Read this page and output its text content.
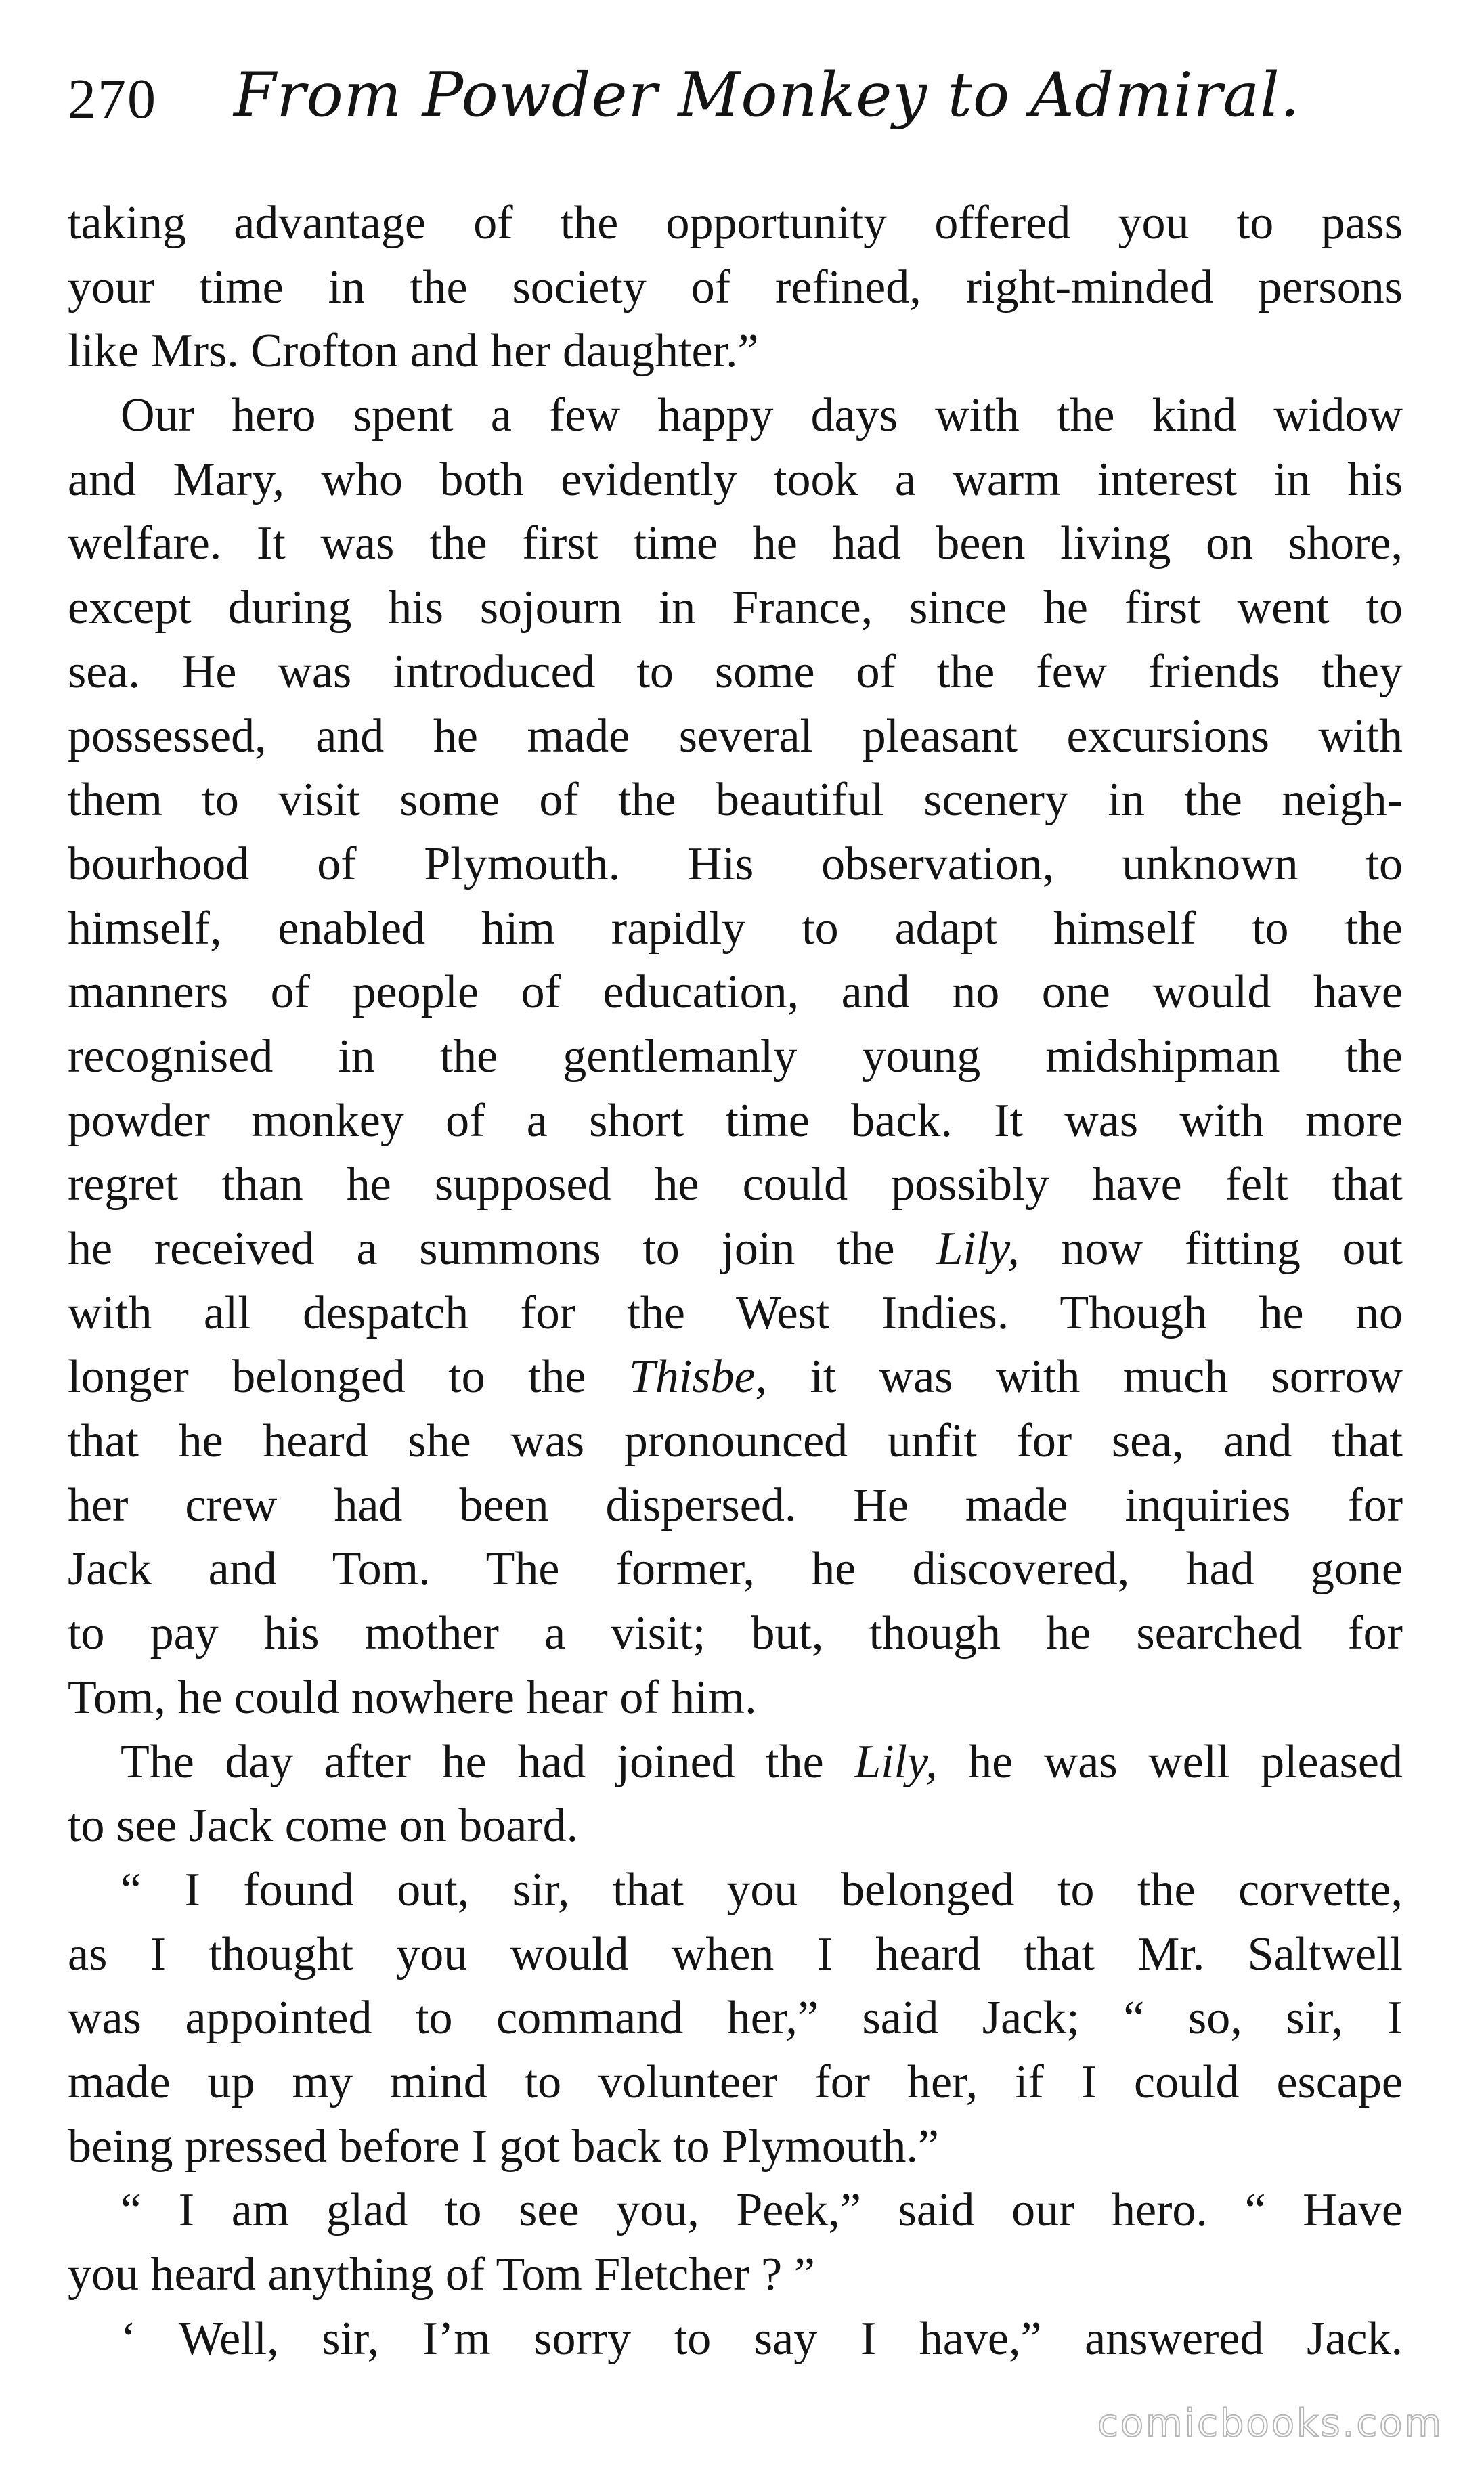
270 From Powder Monkey to Admiral.
taking advantage of the opportunity offered you to pass
your time in the society of refined, right-minded persons
like Mrs. Crofton and her daughter.”
Our hero spent a few happy days with the kind widow
and Mary, who both evidently took a warm interest in his
welfare. It was the first time he had been living on shore,
except during his sojourn in France, since he first went to
sea. He was introduced to some of the few friends they
possessed, and he made several pleasant excursions with
them to visit some of the beautiful scenery in the neigh-
bourhood of Plymouth. His observation, unknown to
himself, enabled him rapidly to adapt himself to the
manners of people of education, and no one would have
recognised in the gentlemanly young midshipman the
powder monkey of a short time back. It was with more
regret than he supposed he could possibly have felt that
he received a summons to join the Lily, now fitting out
with all despatch for the West Indies. Though he no
longer belonged to the Thisbe, it was with much sorrow
that he heard she was pronounced unfit for sea, and that
her crew had been dispersed. He made inquiries for
Jack and Tom. The former, he discovered, had gone
to pay his mother a visit; but, though he searched for
Tom, he could nowhere hear of him.
The day after he had joined the Lily, he was well pleased
to see Jack come on board.
“ I found out, sir, that you belonged to the corvette,
as I thought you would when I heard that Mr. Saltwell
was appointed to command her,” said Jack; “ so, sir, I
made up my mind to volunteer for her, if I could escape
being pressed before I got back to Plymouth.”
“ I am glad to see you, Peek,” said our hero. “ Have
you heard anything of Tom Fletcher ? ”
‘ Well, sir, I’m sorry to say I have,” answered Jack.
comicbooks.com
